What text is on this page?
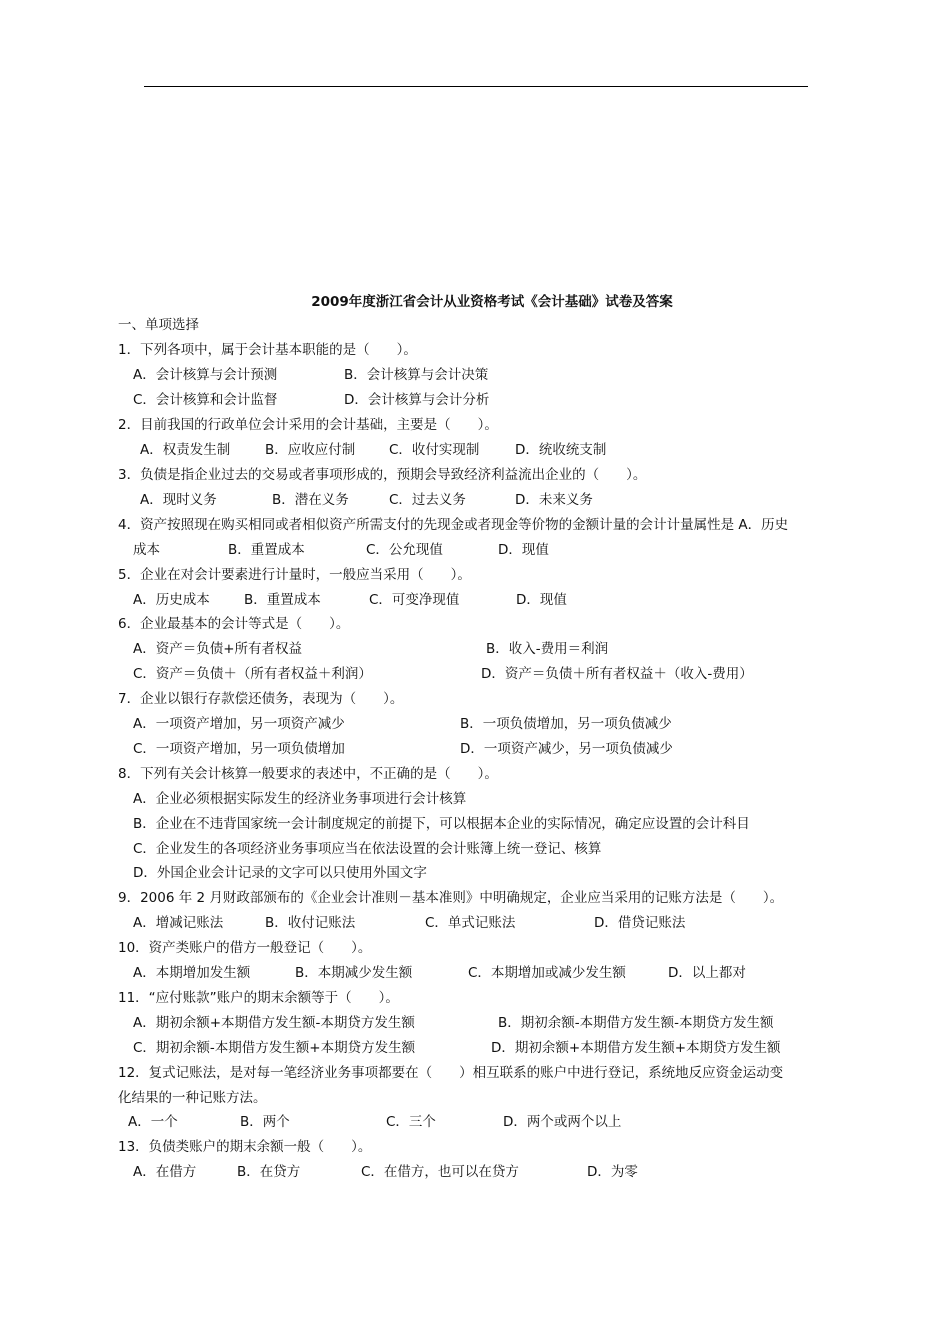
2009年度浙江省会计从业资格考试《会计基础》试卷及答案
一、单项选择
1．下列各项中，属于会计基本职能的是（　　）。
A．会计核算与会计预测	B．会计核算与会计决策
C．会计核算和会计监督	D．会计核算与会计分析
2．目前我国的行政单位会计采用的会计基础，主要是（　　）。
A．权责发生制	B．应收应付制 C．收付实现制	D．统收统支制
3．负债是指企业过去的交易或者事项形成的，预期会导致经济利益流出企业的（　　）。
A．现时义务	B．潜在义务	C．过去义务	D．未来义务
4．资产按照现在购买相同或者相似资产所需支付的先现金或者现金等价物的金额计量的会计计量属性是 A．历史
成本	B．重置成本	C．公允现值	D．现值
5．企业在对会计要素进行计量时，一般应当采用（　　）。
A．历史成本	B．重置成本	C．可变净现值	D．现值
6．企业最基本的会计等式是（　　）。
A．资产＝负债+所有者权益	B．收入-费用＝利润
C．资产＝负债＋（所有者权益＋利润）	D．资产＝负债＋所有者权益＋（收入-费用）
7．企业以银行存款偿还债务，表现为（　　）。
A．一项资产增加，另一项资产减少	B．一项负债增加，另一项负债减少
C．一项资产增加，另一项负债增加	D．一项资产减少，另一项负债减少
8．下列有关会计核算一般要求的表述中，不正确的是（　　）。
A．企业必须根据实际发生的经济业务事项进行会计核算
B．企业在不违背国家统一会计制度规定的前提下，可以根据本企业的实际情况，确定应设置的会计科目
C．企业发生的各项经济业务事项应当在依法设置的会计账簿上统一登记、核算
D．外国企业会计记录的文字可以只使用外国文字
9．2006 年 2 月财政部颁布的《企业会计准则－基本准则》中明确规定，企业应当采用的记账方法是（　　）。
A．增减记账法	B．收付记账法	C．单式记账法	D．借贷记账法
10．资产类账户的借方一般登记（　　）。
A．本期增加发生额	B．本期减少发生额	C．本期增加或减少发生额	D．以上都对
11．“应付账款”账户的期末余额等于（　　）。
A．期初余额+本期借方发生额-本期贷方发生额	B．期初余额-本期借方发生额-本期贷方发生额
C．期初余额-本期借方发生额+本期贷方发生额	D．期初余额+本期借方发生额+本期贷方发生额
12．复式记账法，是对每一笔经济业务事项都要在（　　）相互联系的账户中进行登记，系统地反应资金运动变
化结果的一种记账方法。
A．一个	B．两个	C．三个	D．两个或两个以上
13．负债类账户的期末余额一般（　　）。
A．在借方	B．在贷方	C．在借方，也可以在贷方	D．为零
